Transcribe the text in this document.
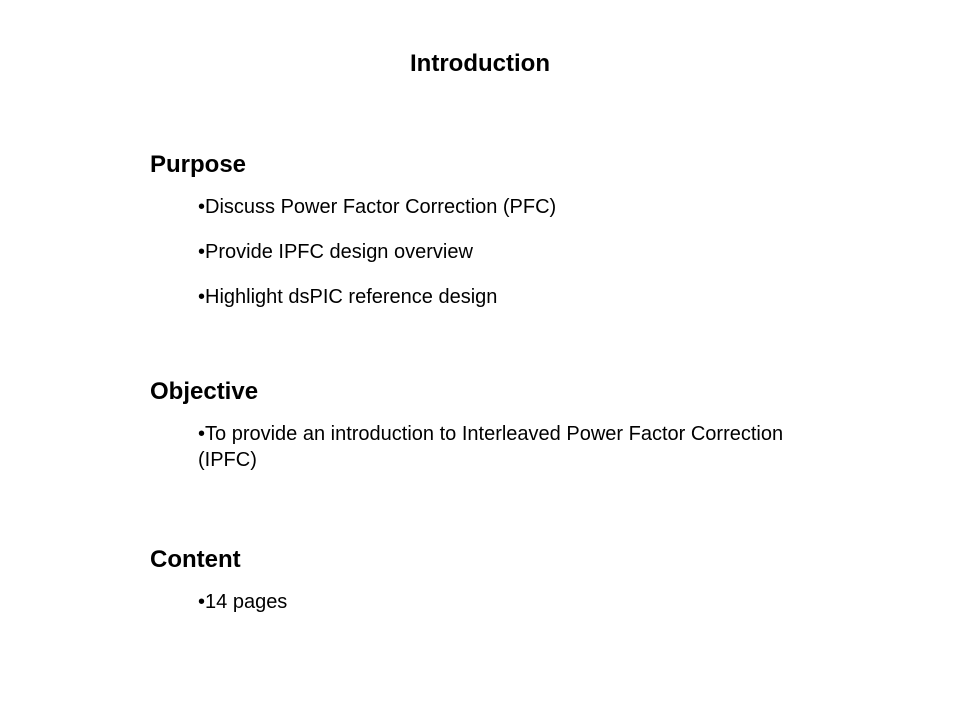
Introduction
Purpose
•Discuss Power Factor Correction (PFC)
•Provide IPFC design overview
•Highlight dsPIC reference design
Objective
•To provide an introduction to Interleaved Power Factor Correction (IPFC)
Content
•14 pages
